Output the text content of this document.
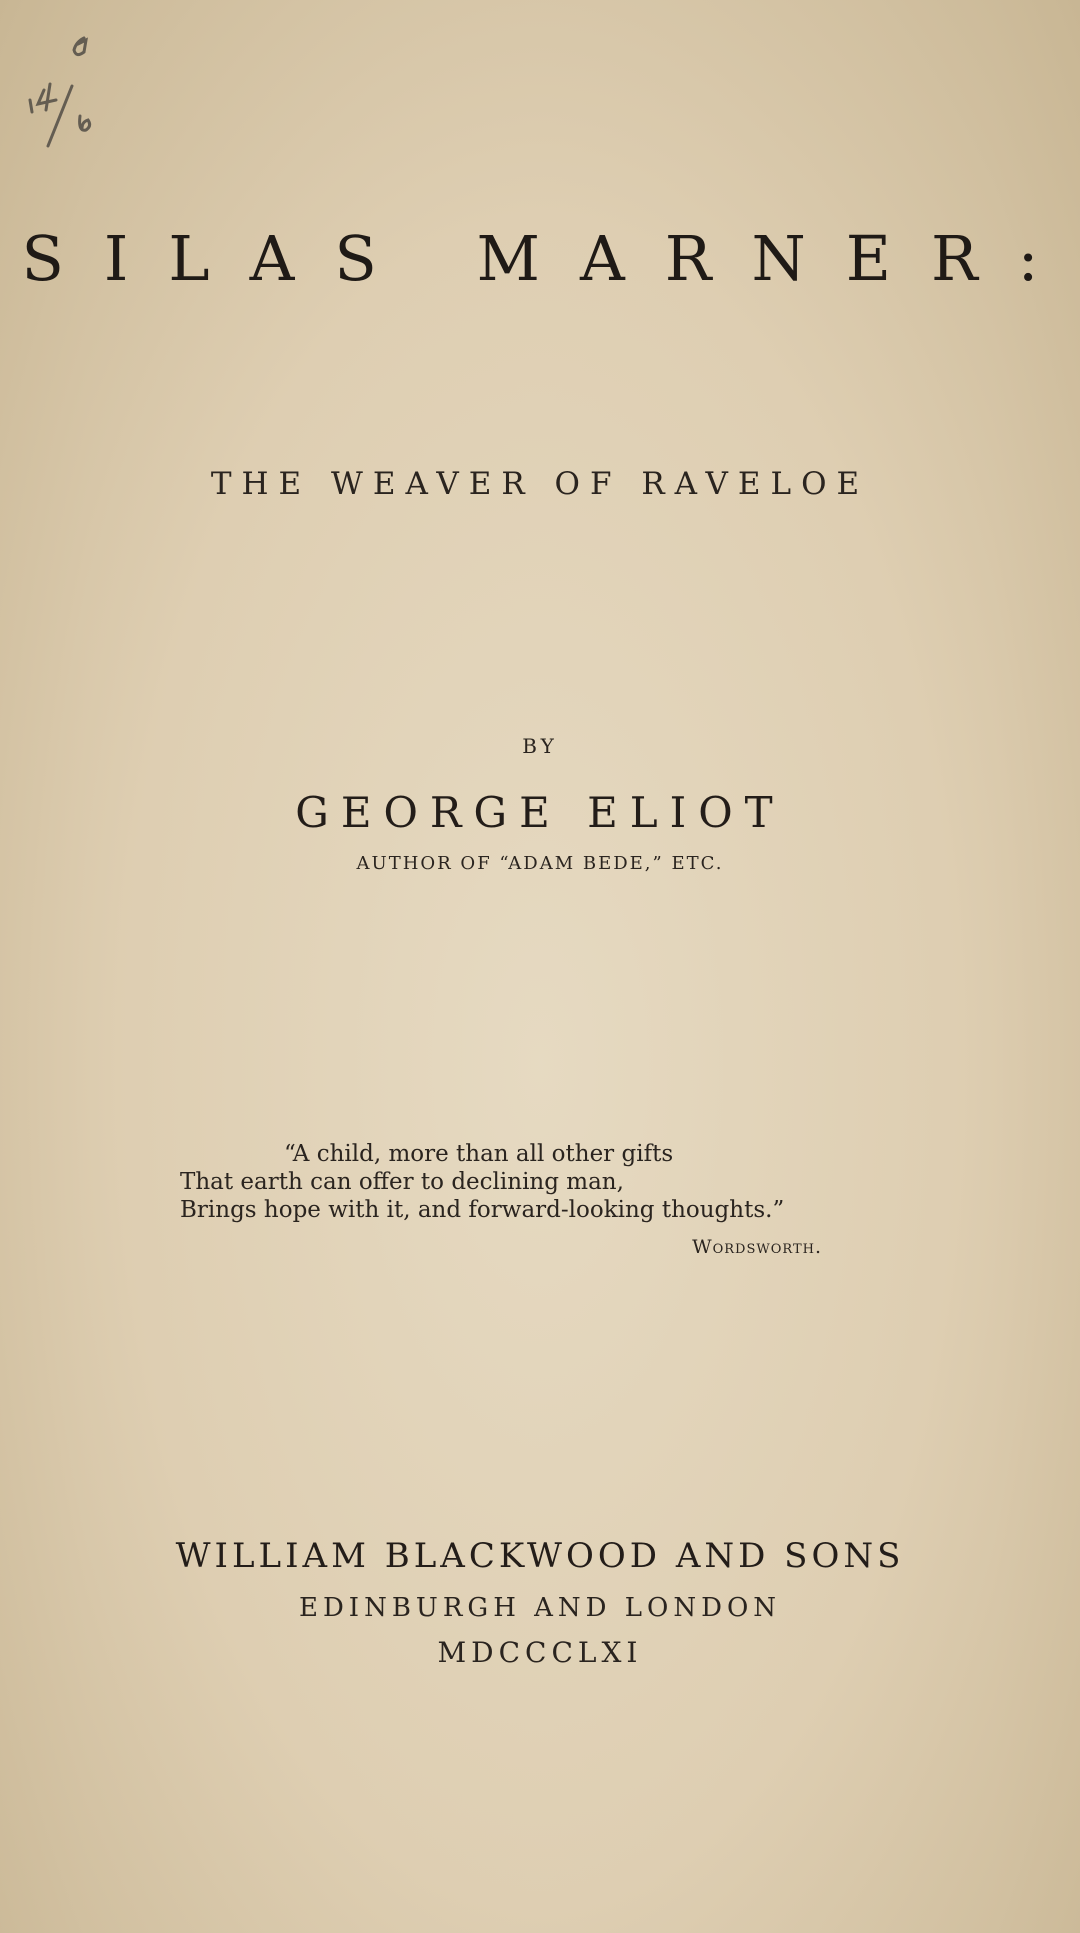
SILAS MARNER:
THE WEAVER OF RAVELOE
BY
GEORGE ELIOT
AUTHOR OF “ADAM BEDE,” ETC.
“A child, more than all other gifts
That earth can offer to declining man,
Brings hope with it, and forward-looking thoughts.”
Wordsworth.
WILLIAM BLACKWOOD AND SONS
EDINBURGH AND LONDON
MDCCCLXI
